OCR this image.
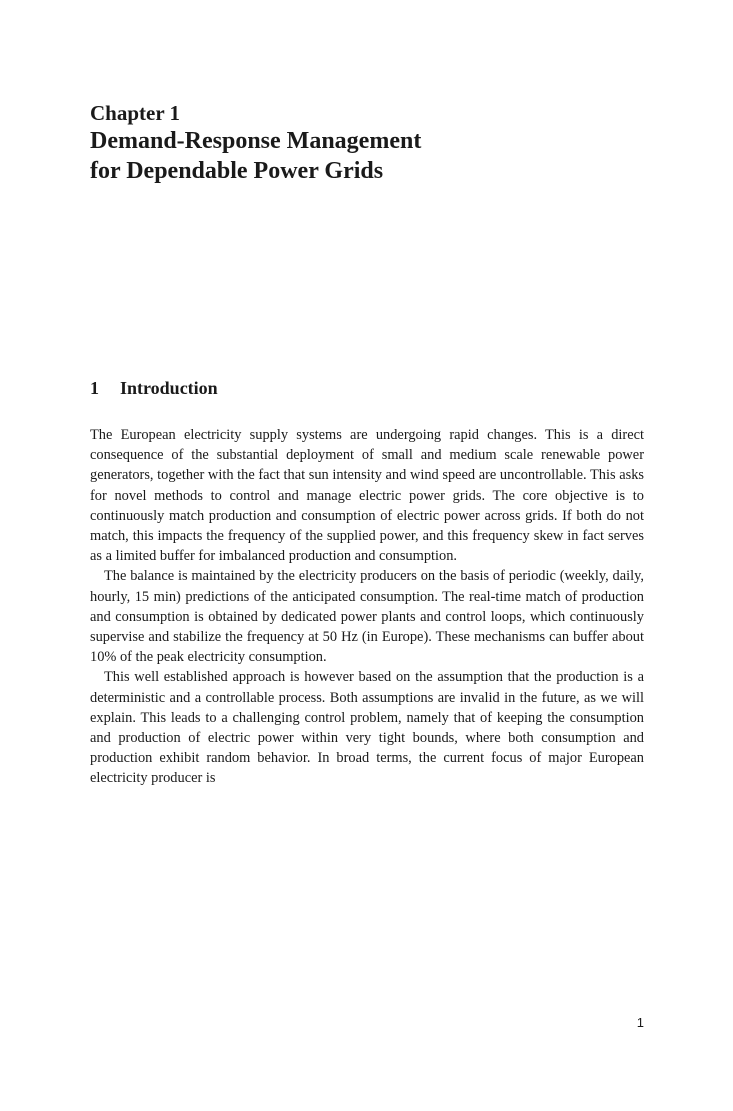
Chapter 1
Demand-Response Management
for Dependable Power Grids
1 Introduction

The European electricity supply systems are undergoing rapid changes. This is a direct consequence of the substantial deployment of small and medium scale renewable power generators, together with the fact that sun intensity and wind speed are uncontrollable. This asks for novel methods to control and manage electric power grids. The core objective is to continuously match production and consumption of electric power across grids. If both do not match, this impacts the frequency of the supplied power, and this frequency skew in fact serves as a limited buffer for imbalanced production and consumption.

The balance is maintained by the electricity producers on the basis of periodic (weekly, daily, hourly, 15 min) predictions of the anticipated consumption. The real-time match of production and consumption is obtained by dedicated power plants and control loops, which continuously supervise and stabilize the frequency at 50 Hz (in Europe). These mechanisms can buffer about 10% of the peak electricity consumption.

This well established approach is however based on the assumption that the production is a deterministic and a controllable process. Both assumptions are invalid in the future, as we will explain. This leads to a challenging control problem, namely that of keeping the consumption and production of electric power within very tight bounds, where both consumption and production exhibit random behavior. In broad terms, the current focus of major European electricity producer is

1
